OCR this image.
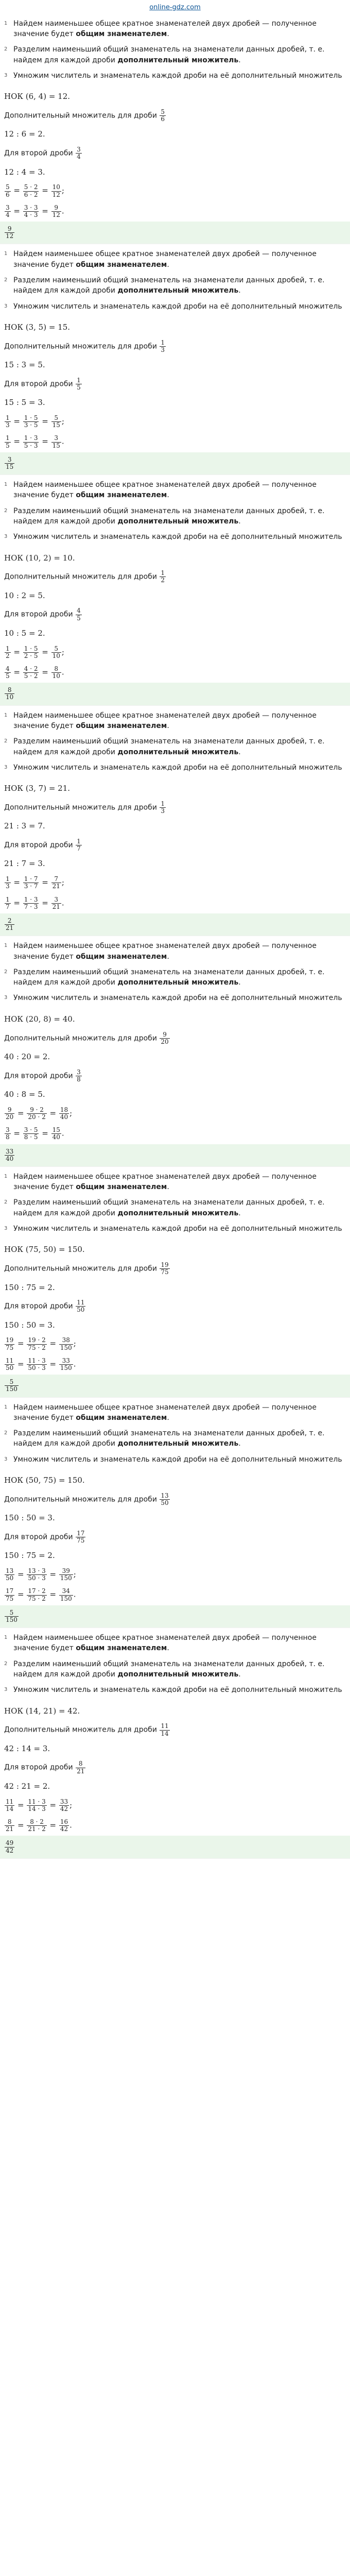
online-gdz.com
1 Найдем наименьшее общее кратное знаменателей двух дробей — полученное значение будет общим знаменателем.
2 Разделим наименьший общий знаменатель на знаменатели данных дробей, т. е. найдем для каждой дроби дополнительный множитель.
3 Умножим числитель и знаменатель каждой дроби на её дополнительный множитель
НОК (6, 4) = 12.
Дополнительный множитель для дроби $\frac{5}{6}$
12 : 6 = 2.
Для второй дроби $\frac{3}{4}$
12 : 4 = 3.
$\frac{5}{6} = \frac{5 \cdot 2}{6 \cdot 2} = \frac{10}{12}$ ;
$\frac{3}{4} = \frac{3 \cdot 3}{4 \cdot 3} = \frac{9}{12}$ .
$\frac{9}{12}$
1 Найдем наименьшее общее кратное знаменателей двух дробей — полученное значение будет общим знаменателем.
2 Разделим наименьший общий знаменатель на знаменатели данных дробей, т. е. найдем для каждой дроби дополнительный множитель.
3 Умножим числитель и знаменатель каждой дроби на её дополнительный множитель
НОК (3, 5) = 15.
Дополнительный множитель для дроби $\frac{1}{3}$
15 : 3 = 5.
Для второй дроби $\frac{1}{5}$
15 : 5 = 3.
$\frac{1}{3} = \frac{1 \cdot 5}{3 \cdot 5} = \frac{5}{15}$ ;
$\frac{1}{5} = \frac{1 \cdot 3}{5 \cdot 3} = \frac{3}{15}$ .
$\frac{3}{15}$
1 Найдем наименьшее общее кратное знаменателей двух дробей — полученное значение будет общим знаменателем.
2 Разделим наименьший общий знаменатель на знаменатели данных дробей, т. е. найдем для каждой дроби дополнительный множитель.
3 Умножим числитель и знаменатель каждой дроби на её дополнительный множитель
НОК (10, 2) = 10.
Дополнительный множитель для дроби $\frac{1}{2}$
10 : 2 = 5.
Для второй дроби $\frac{4}{5}$
10 : 5 = 2.
$\frac{1}{2} = \frac{1 \cdot 5}{2 \cdot 5} = \frac{5}{10}$ ;
$\frac{4}{5} = \frac{4 \cdot 2}{5 \cdot 2} = \frac{8}{10}$ .
$\frac{8}{10}$
1 Найдем наименьшее общее кратное знаменателей двух дробей — полученное значение будет общим знаменателем.
2 Разделим наименьший общий знаменатель на знаменатели данных дробей, т. е. найдем для каждой дроби дополнительный множитель.
3 Умножим числитель и знаменатель каждой дроби на её дополнительный множитель
НОК (3, 7) = 21.
Дополнительный множитель для дроби $\frac{1}{3}$
21 : 3 = 7.
Для второй дроби $\frac{1}{7}$
21 : 7 = 3.
$\frac{1}{3} = \frac{1 \cdot 7}{3 \cdot 7} = \frac{7}{21}$ ;
$\frac{1}{7} = \frac{1 \cdot 3}{7 \cdot 3} = \frac{3}{21}$ .
$\frac{2}{21}$
1 Найдем наименьшее общее кратное знаменателей двух дробей — полученное значение будет общим знаменателем.
2 Разделим наименьший общий знаменатель на знаменатели данных дробей, т. е. найдем для каждой дроби дополнительный множитель.
3 Умножим числитель и знаменатель каждой дроби на её дополнительный множитель
НОК (20, 8) = 40.
Дополнительный множитель для дроби $\frac{9}{20}$
40 : 20 = 2.
Для второй дроби $\frac{3}{8}$
40 : 8 = 5.
$\frac{9}{20} = \frac{9 \cdot 2}{20 \cdot 2} = \frac{18}{40}$ ;
$\frac{3}{8} = \frac{3 \cdot 5}{8 \cdot 5} = \frac{15}{40}$ .
$\frac{33}{40}$
1 Найдем наименьшее общее кратное знаменателей двух дробей — полученное значение будет общим знаменателем.
2 Разделим наименьший общий знаменатель на знаменатели данных дробей, т. е. найдем для каждой дроби дополнительный множитель.
3 Умножим числитель и знаменатель каждой дроби на её дополнительный множитель
НОК (75, 50) = 150.
Дополнительный множитель для дроби $\frac{19}{75}$
150 : 75 = 2.
Для второй дроби $\frac{11}{50}$
150 : 50 = 3.
$\frac{19}{75} = \frac{19 \cdot 2}{75 \cdot 2} = \frac{38}{150}$ ;
$\frac{11}{50} = \frac{11 \cdot 3}{50 \cdot 3} = \frac{33}{150}$ .
$\frac{5}{150}$
1 Найдем наименьшее общее кратное знаменателей двух дробей — полученное значение будет общим знаменателем.
2 Разделим наименьший общий знаменатель на знаменатели данных дробей, т. е. найдем для каждой дроби дополнительный множитель.
3 Умножим числитель и знаменатель каждой дроби на её дополнительный множитель
НОК (50, 75) = 150.
Дополнительный множитель для дроби $\frac{13}{50}$
150 : 50 = 3.
Для второй дроби $\frac{17}{75}$
150 : 75 = 2.
$\frac{13}{50} = \frac{13 \cdot 3}{50 \cdot 3} = \frac{39}{150}$ ;
$\frac{17}{75} = \frac{17 \cdot 2}{75 \cdot 2} = \frac{34}{150}$ .
$\frac{5}{150}$
1 Найдем наименьшее общее кратное знаменателей двух дробей — полученное значение будет общим знаменателем.
2 Разделим наименьший общий знаменатель на знаменатели данных дробей, т. е. найдем для каждой дроби дополнительный множитель.
3 Умножим числитель и знаменатель каждой дроби на её дополнительный множитель
НОК (14, 21) = 42.
Дополнительный множитель для дроби $\frac{11}{14}$
42 : 14 = 3.
Для второй дроби $\frac{8}{21}$
42 : 21 = 2.
$\frac{11}{14} = \frac{11 \cdot 3}{14 \cdot 3} = \frac{33}{42}$ ;
$\frac{8}{21} = \frac{8 \cdot 2}{21 \cdot 2} = \frac{16}{42}$ .
$\frac{49}{42}$
